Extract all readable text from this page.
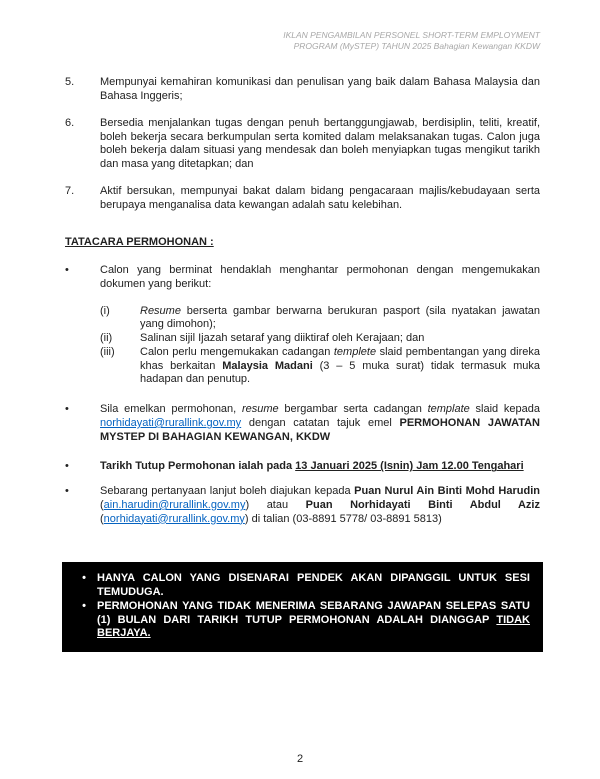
IKLAN PENGAMBILAN PERSONEL SHORT-TERM EMPLOYMENT
PROGRAM (MySTEP) TAHUN 2025 Bahagian Kewangan KKDW
5.	Mempunyai kemahiran komunikasi dan penulisan yang baik dalam Bahasa Malaysia dan Bahasa Inggeris;
6.	Bersedia menjalankan tugas dengan penuh bertanggungjawab, berdisiplin, teliti, kreatif, boleh bekerja secara berkumpulan serta komited dalam melaksanakan tugas. Calon juga boleh bekerja dalam situasi yang mendesak dan boleh menyiapkan tugas mengikut tarikh dan masa yang ditetapkan; dan
7.	Aktif bersukan, mempunyai bakat dalam bidang pengacaraan majlis/kebudayaan serta berupaya menganalisa data kewangan adalah satu kelebihan.
TATACARA PERMOHONAN :
•	Calon yang berminat hendaklah menghantar permohonan dengan mengemukakan dokumen yang berikut:
(i)	Resume berserta gambar berwarna berukuran pasport (sila nyatakan jawatan yang dimohon);
(ii)	Salinan sijil Ijazah setaraf yang diiktiraf oleh Kerajaan; dan
(iii)	Calon perlu mengemukakan cadangan templete slaid pembentangan yang direka khas berkaitan Malaysia Madani (3 – 5 muka surat) tidak termasuk muka hadapan dan penutup.
•	Sila emelkan permohonan, resume bergambar serta cadangan template slaid kepada norhidayati@rurallink.gov.my dengan catatan tajuk emel PERMOHONAN JAWATAN MYSTEP DI BAHAGIAN KEWANGAN, KKDW
•	Tarikh Tutup Permohonan ialah pada 13 Januari 2025 (Isnin) Jam 12.00 Tengahari
•	Sebarang pertanyaan lanjut boleh diajukan kepada Puan Nurul Ain Binti Mohd Harudin (ain.harudin@rurallink.gov.my) atau Puan Norhidayati Binti Abdul Aziz (norhidayati@rurallink.gov.my) di talian (03-8891 5778/ 03-8891 5813)
•	HANYA CALON YANG DISENARAI PENDEK AKAN DIPANGGIL UNTUK SESI TEMUDUGA.
•	PERMOHONAN YANG TIDAK MENERIMA SEBARANG JAWAPAN SELEPAS SATU (1) BULAN DARI TARIKH TUTUP PERMOHONAN ADALAH DIANGGAP TIDAK BERJAYA.
2
